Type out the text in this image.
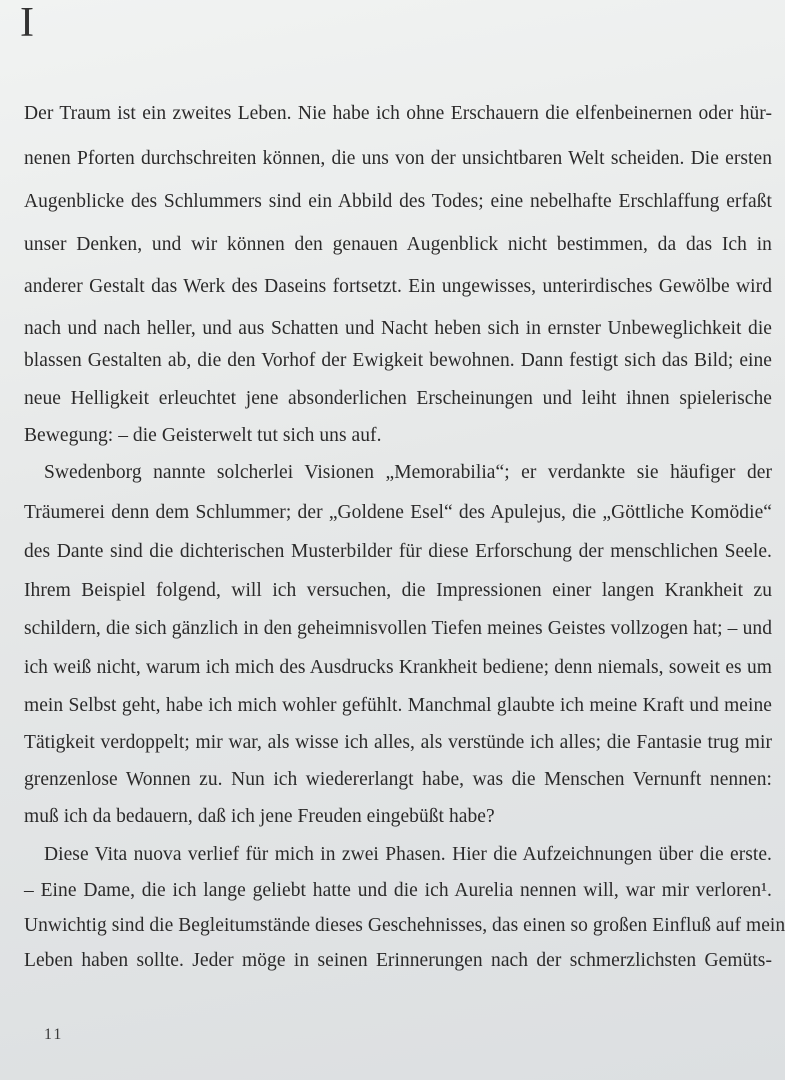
I
Der Traum ist ein zweites Leben. Nie habe ich ohne Erschauern die elfenbeinernen oder hür-
nenen Pforten durchschreiten können, die uns von der unsichtbaren Welt scheiden. Die ersten
Augenblicke des Schlummers sind ein Abbild des Todes; eine nebelhafte Erschlaffung erfaßt
unser Denken, und wir können den genauen Augenblick nicht bestimmen, da das Ich in
anderer Gestalt das Werk des Daseins fortsetzt. Ein ungewisses, unterirdisches Gewölbe wird
nach und nach heller, und aus Schatten und Nacht heben sich in ernster Unbeweglichkeit die
blassen Gestalten ab, die den Vorhof der Ewigkeit bewohnen. Dann festigt sich das Bild; eine
neue Helligkeit erleuchtet jene absonderlichen Erscheinungen und leiht ihnen spielerische
Bewegung: – die Geisterwelt tut sich uns auf.
Swedenborg nannte solcherlei Visionen „Memorabilia“; er verdankte sie häufiger der
Träumerei denn dem Schlummer; der „Goldene Esel“ des Apulejus, die „Göttliche Komödie“
des Dante sind die dichterischen Musterbilder für diese Erforschung der menschlichen Seele.
Ihrem Beispiel folgend, will ich versuchen, die Impressionen einer langen Krankheit zu
schildern, die sich gänzlich in den geheimnisvollen Tiefen meines Geistes vollzogen hat; – und
ich weiß nicht, warum ich mich des Ausdrucks Krankheit bediene; denn niemals, soweit es um
mein Selbst geht, habe ich mich wohler gefühlt. Manchmal glaubte ich meine Kraft und meine
Tätigkeit verdoppelt; mir war, als wisse ich alles, als verstünde ich alles; die Fantasie trug mir
grenzenlose Wonnen zu. Nun ich wiedererlangt habe, was die Menschen Vernunft nennen:
muß ich da bedauern, daß ich jene Freuden eingebüßt habe?
Diese Vita nuova verlief für mich in zwei Phasen. Hier die Aufzeichnungen über die erste.
– Eine Dame, die ich lange geliebt hatte und die ich Aurelia nennen will, war mir verloren¹.
Unwichtig sind die Begleitumstände dieses Geschehnisses, das einen so großen Einfluß auf mein
Leben haben sollte. Jeder möge in seinen Erinnerungen nach der schmerzlichsten Gemüts-
11
